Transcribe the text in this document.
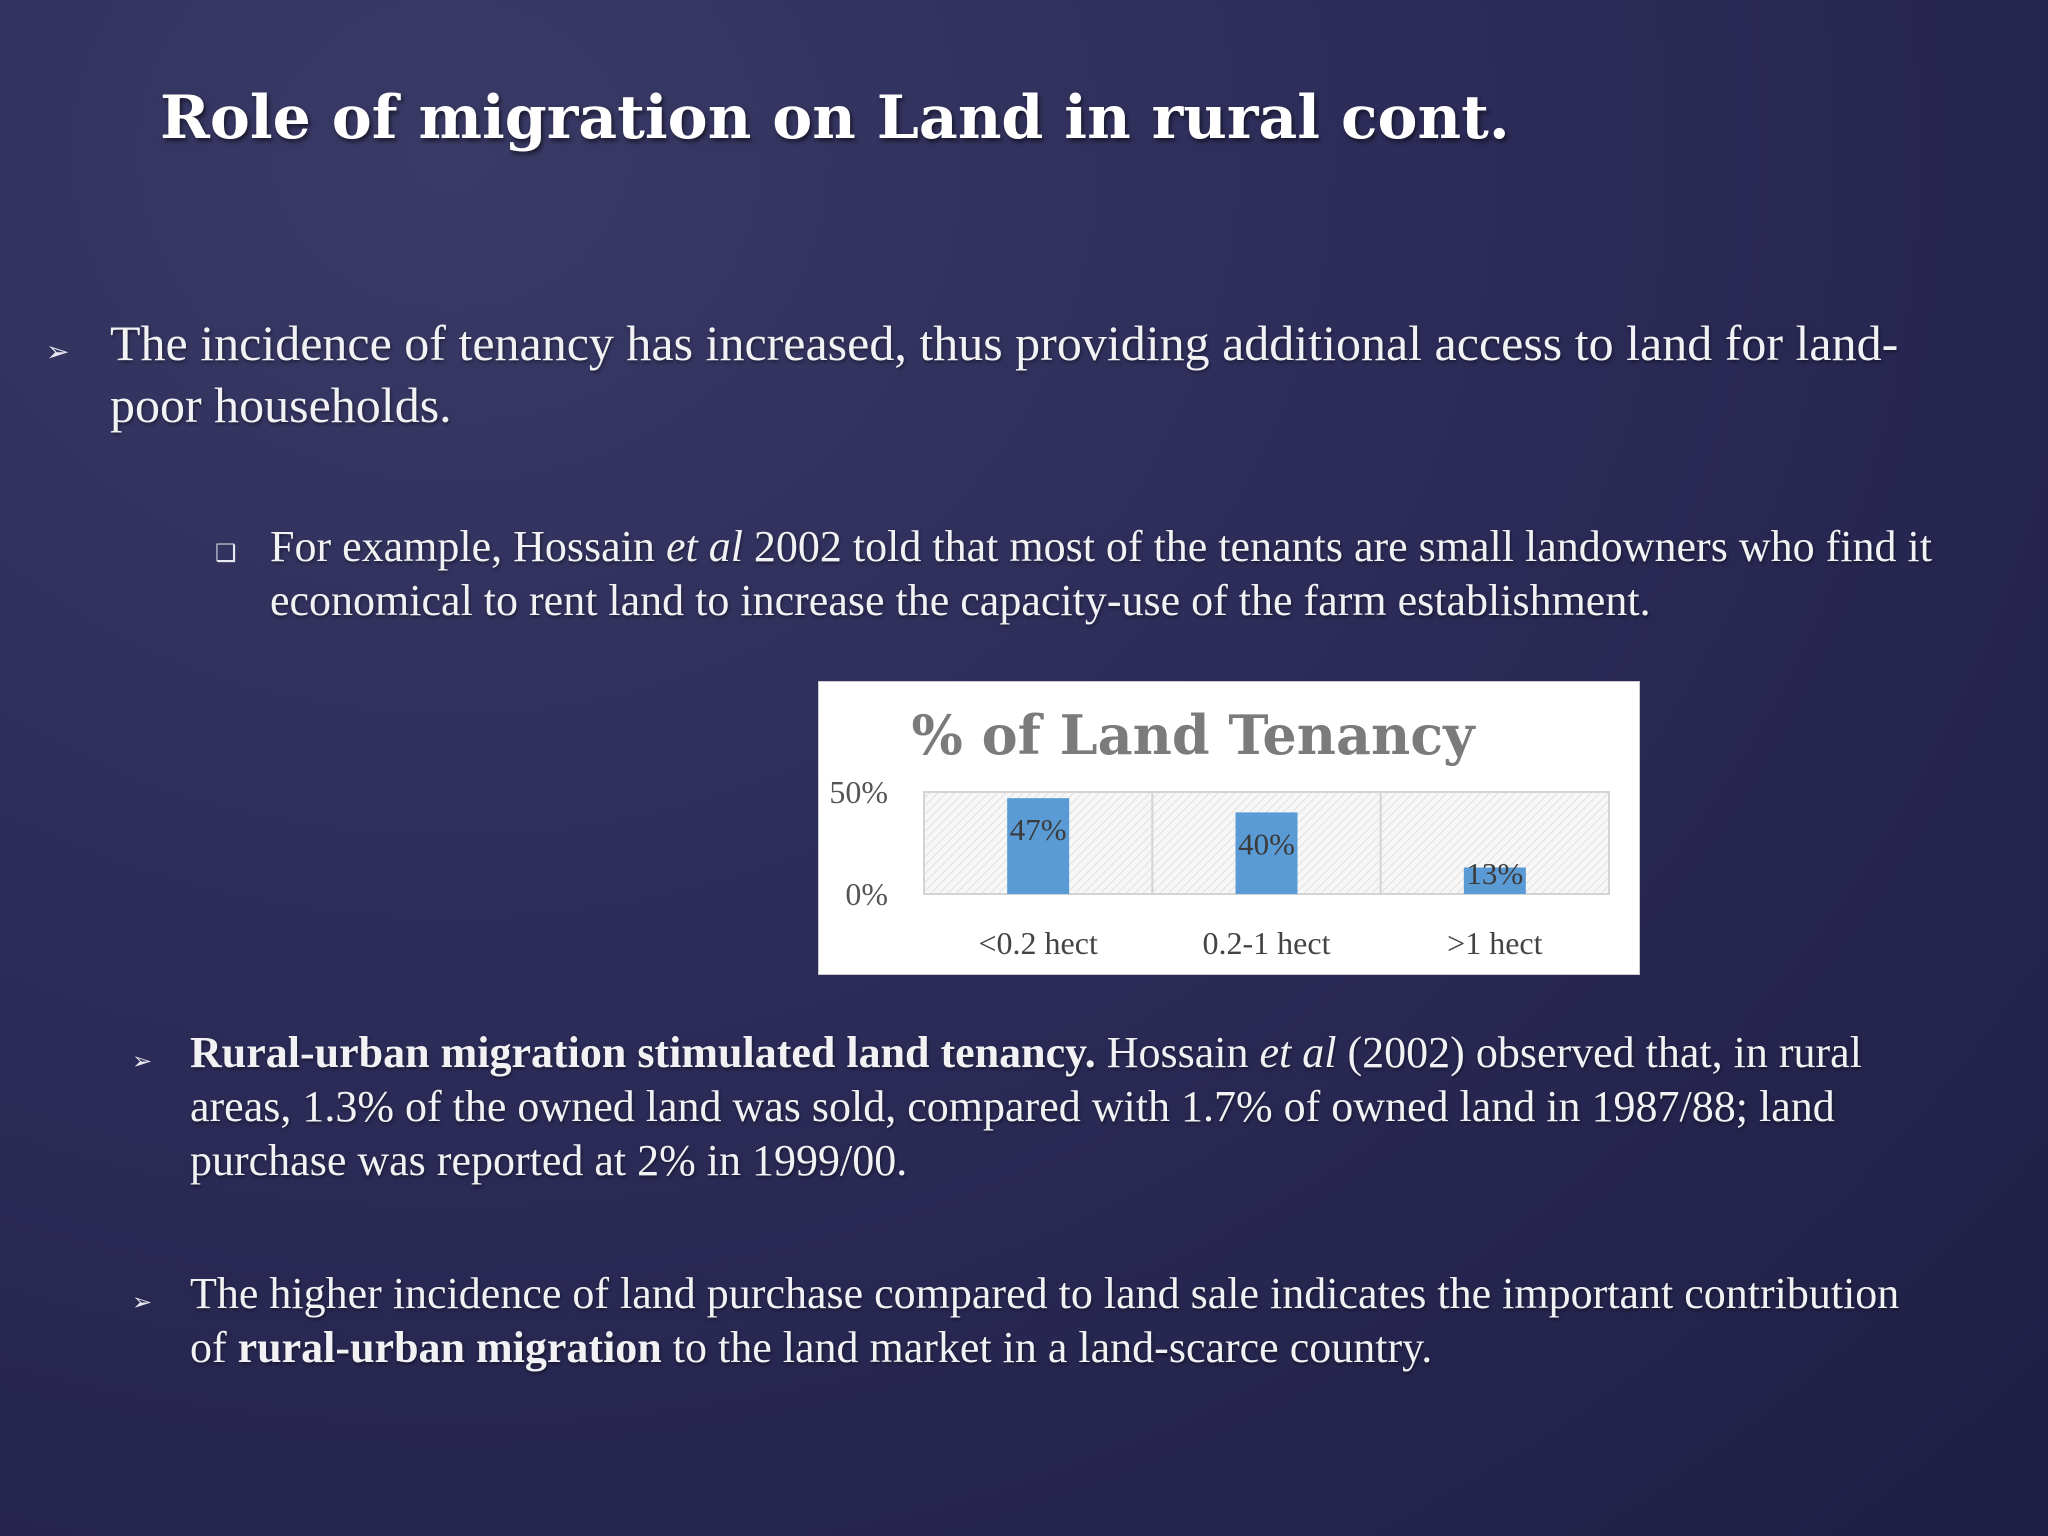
Role of migration on Land in rural cont.
➢ The incidence of tenancy has increased, thus providing additional access to land for land-poor households.

❑ For example, Hossain et al 2002 told that most of the tenants are small landowners who find it economical to rent land to increase the capacity-use of the farm establishment.

% of Land Tenancy
0%
50%
47%	40%
13%
<0.2 hect	0.2-1 hect	>1 hect
➢ Rural-urban migration stimulated land tenancy. Hossain et al (2002) observed that, in rural areas, 1.3% of the owned land was sold, compared with 1.7% of owned land in 1987/88; land purchase was reported at 2% in 1999/00.

➢ The higher incidence of land purchase compared to land sale indicates the important contribution of rural-urban migration to the land market in a land-scarce country.
